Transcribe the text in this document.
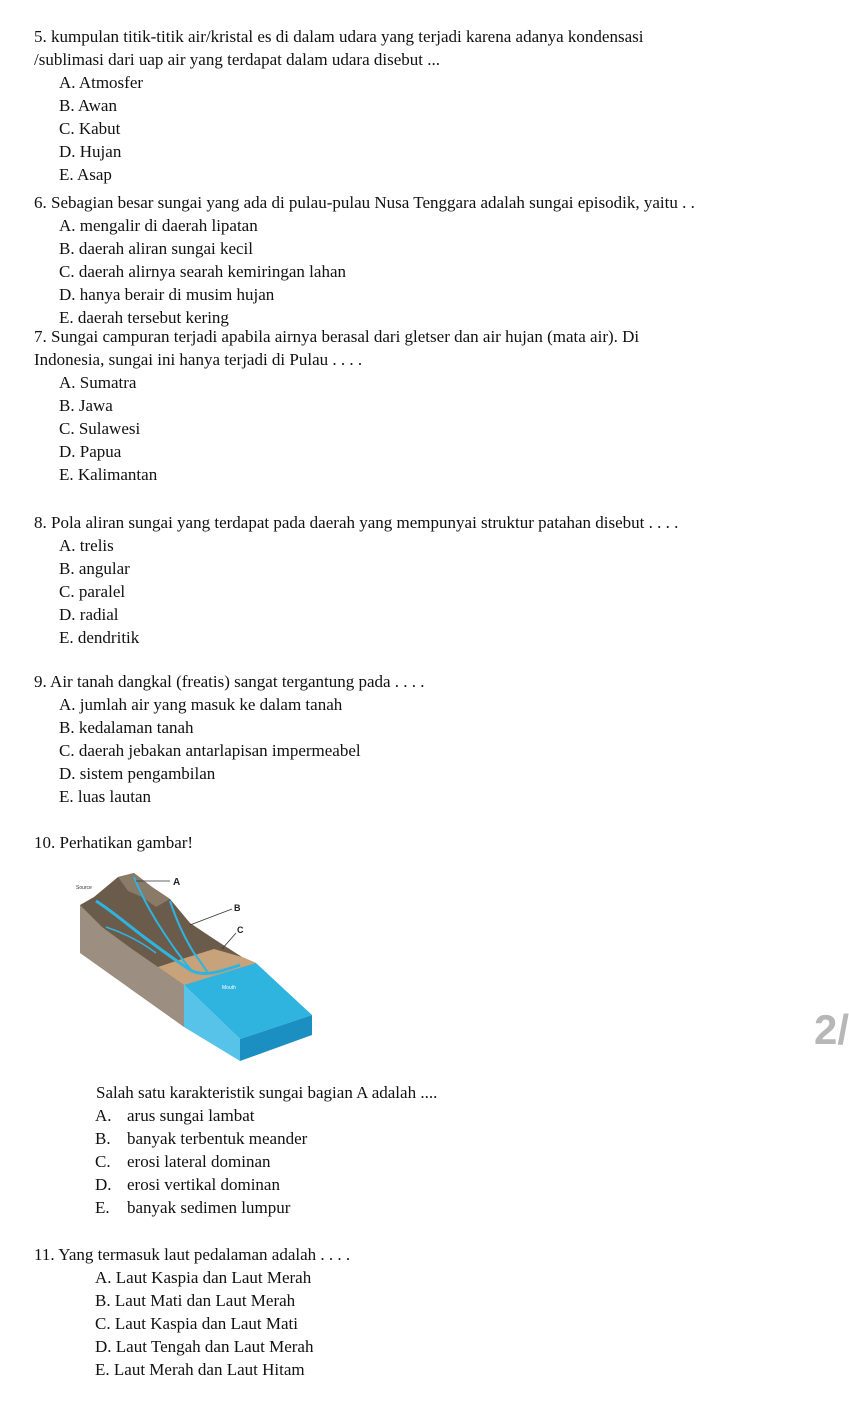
5. kumpulan titik-titik air/kristal es di dalam udara yang terjadi karena adanya kondensasi
/sublimasi dari uap air yang terdapat dalam udara disebut ...

A. Atmosfer
B. Awan
C. Kabut
D. Hujan
E. Asap

6. Sebagian besar sungai yang ada di pulau-pulau Nusa Tenggara adalah sungai episodik, yaitu . .

A. mengalir di daerah lipatan
B. daerah aliran sungai kecil
C. daerah alirnya searah kemiringan lahan
D. hanya berair di musim hujan
E. daerah tersebut kering

7. Sungai campuran terjadi apabila airnya berasal dari gletser dan air hujan (mata air). Di
Indonesia, sungai ini hanya terjadi di Pulau . . . .

A. Sumatra
B. Jawa
C. Sulawesi
D. Papua
E. Kalimantan

8. Pola aliran sungai yang terdapat pada daerah yang mempunyai struktur patahan disebut . . . .

A. trelis
B. angular
C. paralel
D. radial
E. dendritik

9. Air tanah dangkal (freatis) sangat tergantung pada . . . .

A. jumlah air yang masuk ke dalam tanah
B. kedalaman tanah
C. daerah jebakan antarlapisan impermeabel
D. sistem pengambilan
E. luas lautan
10. Perhatikan gambar!
Source	A
B
C
Mouth
2/

Salah satu karakteristik sungai bagian A adalah ....

A. arus sungai lambat
B. banyak terbentuk meander
C. erosi lateral dominan
D. erosi vertikal dominan
E. banyak sedimen lumpur

11. Yang termasuk laut pedalaman adalah . . . .

A. Laut Kaspia dan Laut Merah
B. Laut Mati dan Laut Merah
C. Laut Kaspia dan Laut Mati
D. Laut Tengah dan Laut Merah
E. Laut Merah dan Laut Hitam
